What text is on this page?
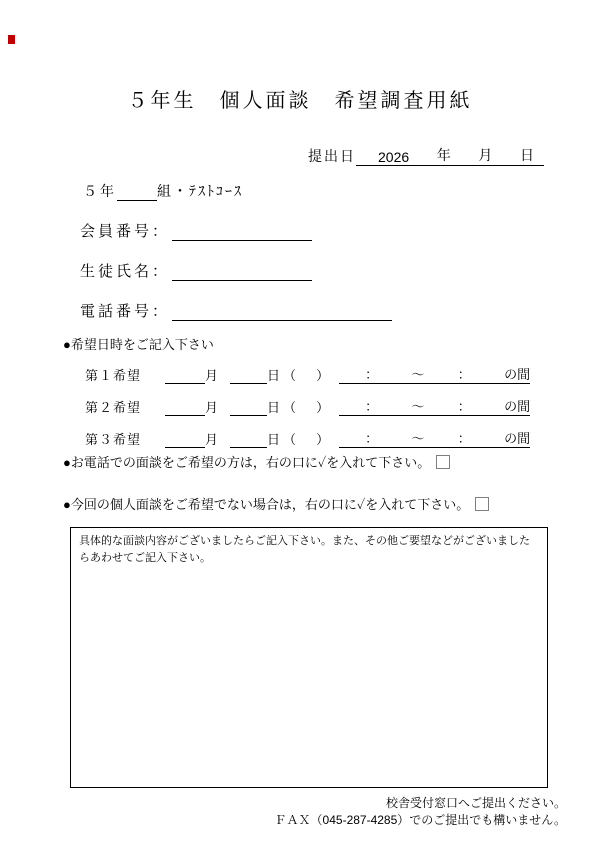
５年生　個人面談　希望調査用紙
提出日 2026 年 月 日
５年	組・ﾃｽﾄｺｰｽ
会員番号：
生徒氏名：
電話番号：
●希望日時をご記入下さい
第１希望	月	日 （ ）	：	～	：	の間
第２希望	月	日 （ ）	：	～	：	の間
第３希望	月	日 （ ）	：	～	：	の間
●お電話での面談をご希望の方は，右の口に✓を入れて下さい。
●今回の個人面談をご希望でない場合は，右の口に✓を入れて下さい。
具体的な面談内容がございましたらご記入下さい。また、その他ご要望などがございましたらあわせてご記入下さい。
校舎受付窓口へご提出ください。
ＦＡＸ（045-287-4285）でのご提出でも構いません。
